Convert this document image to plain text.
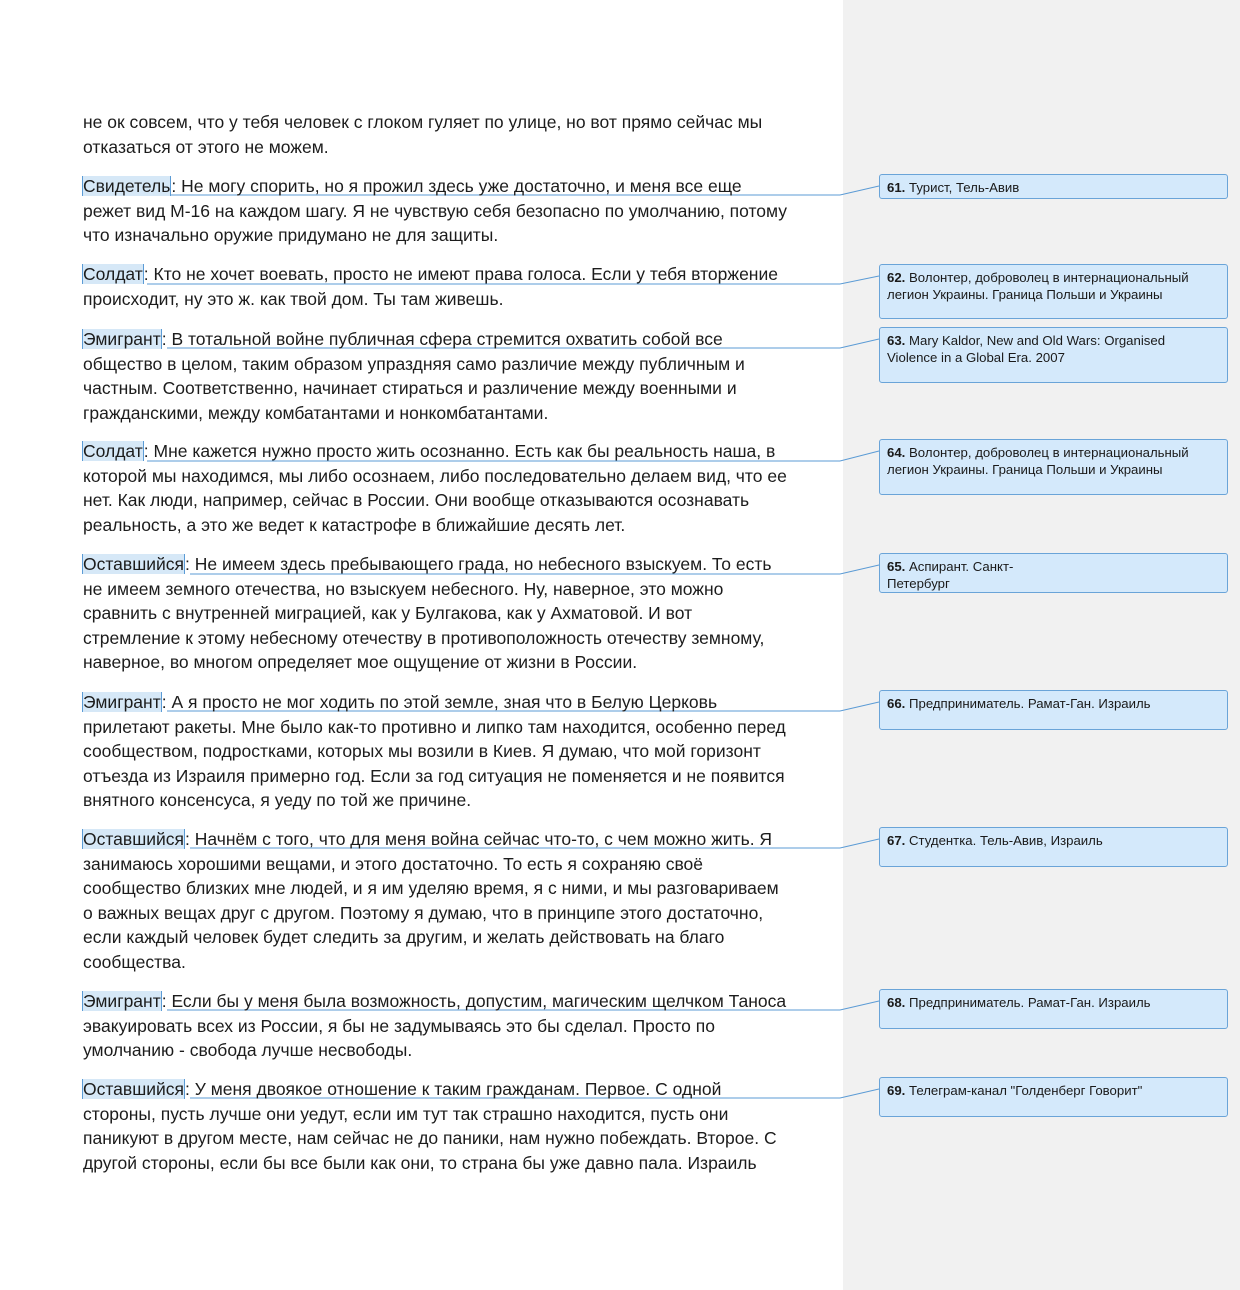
не ок совсем, что у тебя человек с глоком гуляет по улице, но вот прямо сейчас мы
отказаться от этого не можем.
Свидетель: Не могу спорить, но я прожил здесь уже достаточно, и меня все еще
режет вид M-16 на каждом шагу. Я не чувствую себя безопасно по умолчанию, потому
что изначально оружие придумано не для защиты.
Солдат: Кто не хочет воевать, просто не имеют права голоса. Если у тебя вторжение
происходит, ну это ж. как твой дом. Ты там живешь.
Эмигрант: В тотальной войне публичная сфера стремится охватить собой все
общество в целом, таким образом упраздняя само различие между публичным и
частным. Соответственно, начинает стираться и различение между военными и
гражданскими, между комбатантами и нонкомбатантами.
Солдат: Мне кажется нужно просто жить осознанно. Есть как бы реальность наша, в
которой мы находимся, мы либо осознаем, либо последовательно делаем вид, что ее
нет. Как люди, например, сейчас в России. Они вообще отказываются осознавать
реальность, а это же ведет к катастрофе в ближайшие десять лет.
Оставшийся: Не имеем здесь пребывающего града, но небесного взыскуем. То есть
не имеем земного отечества, но взыскуем небесного. Ну, наверное, это можно
сравнить с внутренней миграцией, как у Булгакова, как у Ахматовой. И вот
стремление к этому небесному отечеству в противоположность отечеству земному,
наверное, во многом определяет мое ощущение от жизни в России.
Эмигрант: А я просто не мог ходить по этой земле, зная что в Белую Церковь
прилетают ракеты. Мне было как-то противно и липко там находится, особенно перед
сообществом, подростками, которых мы возили в Киев. Я думаю, что мой горизонт
отъезда из Израиля примерно год. Если за год ситуация не поменяется и не появится
внятного консенсуса, я уеду по той же причине.
Оставшийся: Начнём с того, что для меня война сейчас что-то, с чем можно жить. Я
занимаюсь хорошими вещами, и этого достаточно. То есть я сохраняю своё
сообщество близких мне людей, и я им уделяю время, я с ними, и мы разговариваем
о важных вещах друг с другом. Поэтому я думаю, что в принципе этого достаточно,
если каждый человек будет следить за другим, и желать действовать на благо
сообщества.
Эмигрант: Если бы у меня была возможность, допустим, магическим щелчком Таноса
эвакуировать всех из России, я бы не задумываясь это бы сделал. Просто по
умолчанию - свобода лучше несвободы.
Оставшийся: У меня двоякое отношение к таким гражданам. Первое. С одной
стороны, пусть лучше они уедут, если им тут так страшно находится, пусть они
паникуют в другом месте, нам сейчас не до паники, нам нужно побеждать. Второе. С
другой стороны, если бы все были как они, то страна бы уже давно пала. Израиль
61. Турист, Тель-Авив
62. Волонтер, доброволец в интернациональный
легион Украины. Граница Польши и Украины
63. Mary Kaldor, New and Old Wars: Organised
Violence in a Global Era. 2007
64. Волонтер, доброволец в интернациональный
легион Украины. Граница Польши и Украины
65. Аспирант. Санкт-
Петербург
66. Предприниматель. Рамат-Ган. Израиль
67. Студентка. Тель-Авив, Израиль
68. Предприниматель. Рамат-Ган. Израиль
69. Телеграм-канал "Голденберг Говорит"
